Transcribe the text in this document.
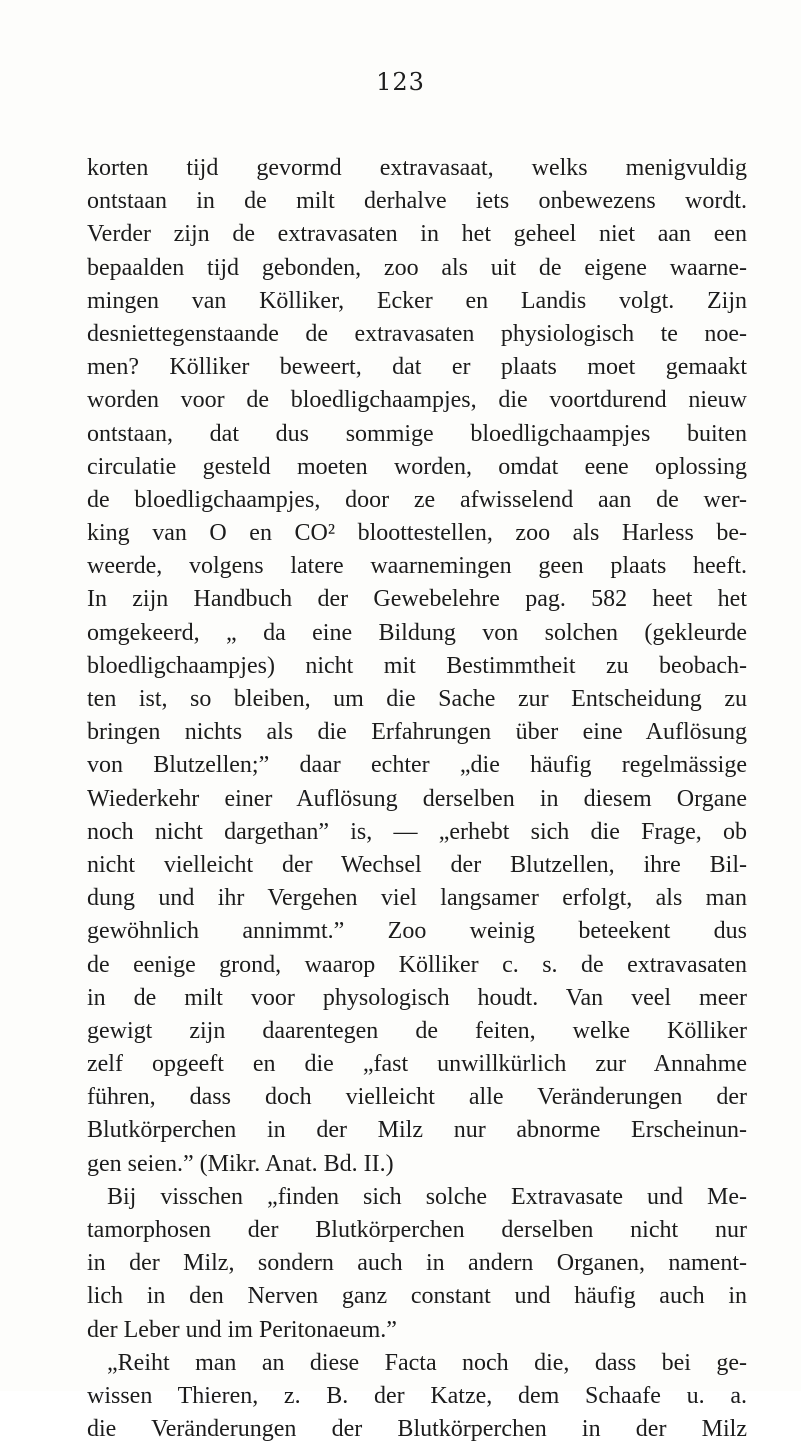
123
korten tijd gevormd extravasaat, welks menigvuldig
ontstaan in de milt derhalve iets onbewezens wordt.
Verder zijn de extravasaten in het geheel niet aan een
bepaalden tijd gebonden, zoo als uit de eigene waarne-
mingen van Kölliker, Ecker en Landis volgt. Zijn
desniettegenstaande de extravasaten physiologisch te noe-
men? Kölliker beweert, dat er plaats moet gemaakt
worden voor de bloedligchaampjes, die voortdurend nieuw
ontstaan, dat dus sommige bloedligchaampjes buiten
circulatie gesteld moeten worden, omdat eene oplossing
de bloedligchaampjes, door ze afwisselend aan de wer-
king van O en CO² bloottestellen, zoo als Harless be-
weerde, volgens latere waarnemingen geen plaats heeft.
In zijn Handbuch der Gewebelehre pag. 582 heet het
omgekeerd, „ da eine Bildung von solchen (gekleurde
bloedligchaampjes) nicht mit Bestimmtheit zu beobach-
ten ist, so bleiben, um die Sache zur Entscheidung zu
bringen nichts als die Erfahrungen über eine Auflösung
von Blutzellen;” daar echter „die häufig regelmässige
Wiederkehr einer Auflösung derselben in diesem Organe
noch nicht dargethan” is, — „erhebt sich die Frage, ob
nicht vielleicht der Wechsel der Blutzellen, ihre Bil-
dung und ihr Vergehen viel langsamer erfolgt, als man
gewöhnlich annimmt.” Zoo weinig beteekent dus
de eenige grond, waarop Kölliker c. s. de extravasaten
in de milt voor physologisch houdt. Van veel meer
gewigt zijn daarentegen de feiten, welke Kölliker
zelf opgeeft en die „fast unwillkürlich zur Annahme
führen, dass doch vielleicht alle Veränderungen der
Blutkörperchen in der Milz nur abnorme Erscheinun-
gen seien.” (Mikr. Anat. Bd. II.)
Bij visschen „finden sich solche Extravasate und Me-
tamorphosen der Blutkörperchen derselben nicht nur
in der Milz, sondern auch in andern Organen, nament-
lich in den Nerven ganz constant und häufig auch in
der Leber und im Peritonaeum.”
„Reiht man an diese Facta noch die, dass bei ge-
wissen Thieren, z. B. der Katze, dem Schaafe u. a.
die Veränderungen der Blutkörperchen in der Milz
